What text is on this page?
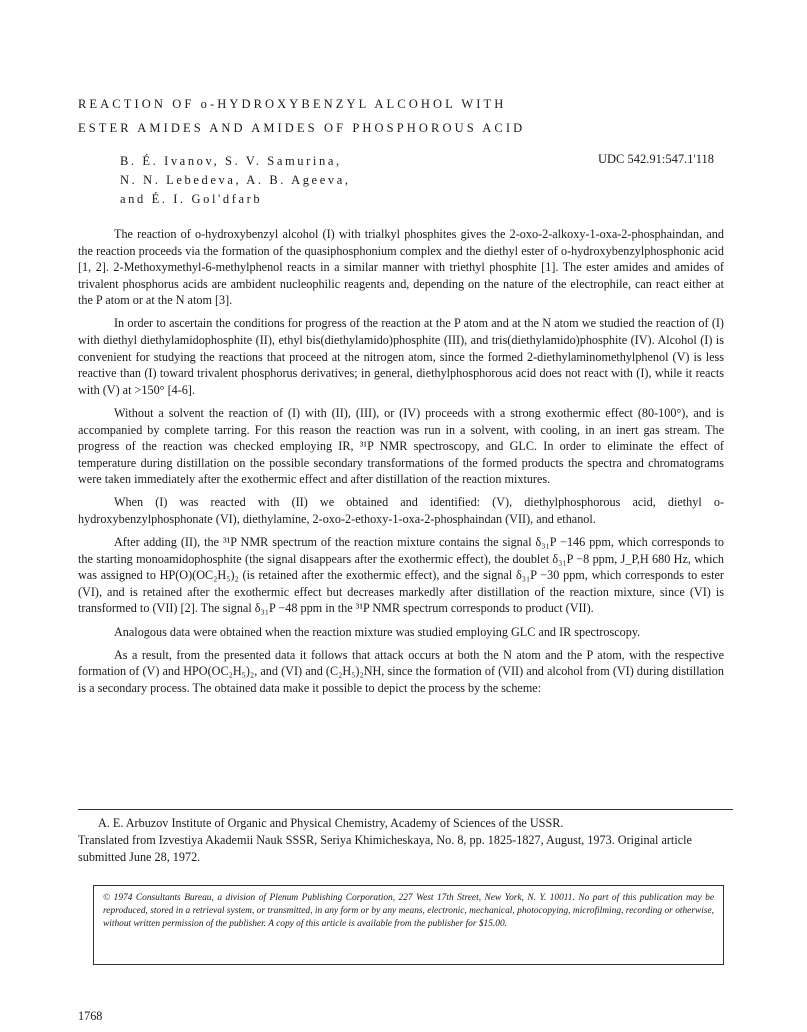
REACTION OF o-HYDROXYBENZYL ALCOHOL WITH
ESTER AMIDES AND AMIDES OF PHOSPHOROUS ACID
B. É. Ivanov, S. V. Samurina,
N. N. Lebedeva, A. B. Ageeva,
and É. I. Gol'dfarb
UDC 542.91:547.1'118

The reaction of o-hydroxybenzyl alcohol (I) with trialkyl phosphites gives the 2-oxo-2-alkoxy-1-oxa-2-phosphaindan, and the reaction proceeds via the formation of the quasiphosphonium complex and the diethyl ester of o-hydroxybenzylphosphonic acid [1, 2]. 2-Methoxymethyl-6-methylphenol reacts in a similar manner with triethyl phosphite [1]. The ester amides and amides of trivalent phosphorus acids are ambident nucleophilic reagents and, depending on the nature of the electrophile, can react either at the P atom or at the N atom [3].

In order to ascertain the conditions for progress of the reaction at the P atom and at the N atom we studied the reaction of (I) with diethyl diethylamidophosphite (II), ethyl bis(diethylamido)phosphite (III), and tris(diethylamido)phosphite (IV). Alcohol (I) is convenient for studying the reactions that proceed at the nitrogen atom, since the formed 2-diethylaminomethylphenol (V) is less reactive than (I) toward trivalent phosphorus derivatives; in general, diethylphosphorous acid does not react with (I), while it reacts with (V) at >150° [4-6].

Without a solvent the reaction of (I) with (II), (III), or (IV) proceeds with a strong exothermic effect (80-100°), and is accompanied by complete tarring. For this reason the reaction was run in a solvent, with cooling, in an inert gas stream. The progress of the reaction was checked employing IR, ³¹P NMR spectroscopy, and GLC. In order to eliminate the effect of temperature during distillation on the possible secondary transformations of the formed products the spectra and chromatograms were taken immediately after the exothermic effect and after distillation of the reaction mixtures.

When (I) was reacted with (II) we obtained and identified: (V), diethylphosphorous acid, diethyl o-hydroxybenzylphosphonate (VI), diethylamine, 2-oxo-2-ethoxy-1-oxa-2-phosphaindan (VII), and ethanol.

After adding (II), the ³¹P NMR spectrum of the reaction mixture contains the signal δ₃₁P −146 ppm, which corresponds to the starting monoamidophosphite (the signal disappears after the exothermic effect), the doublet δ₃₁P −8 ppm, J_P,H 680 Hz, which was assigned to HP(O)(OC₂H₅)₂ (is retained after the exothermic effect), and the signal δ₃₁P −30 ppm, which corresponds to ester (VI), and is retained after the exothermic effect but decreases markedly after distillation of the reaction mixture, since (VI) is transformed to (VII) [2]. The signal δ₃₁P −48 ppm in the ³¹P NMR spectrum corresponds to product (VII).

Analogous data were obtained when the reaction mixture was studied employing GLC and IR spectroscopy.

As a result, from the presented data it follows that attack occurs at both the N atom and the P atom, with the respective formation of (V) and HPO(OC₂H₅)₂, and (VI) and (C₂H₅)₂NH, since the formation of (VII) and alcohol from (VI) during distillation is a secondary process. The obtained data make it possible to depict the process by the scheme:

A. E. Arbuzov Institute of Organic and Physical Chemistry, Academy of Sciences of the USSR.

Translated from Izvestiya Akademii Nauk SSSR, Seriya Khimicheskaya, No. 8, pp. 1825-1827, August, 1973. Original article submitted June 28, 1972.

© 1974 Consultants Bureau, a division of Plenum Publishing Corporation, 227 West 17th Street, New York, N. Y. 10011. No part of this publication may be reproduced, stored in a retrieval system, or transmitted, in any form or by any means, electronic, mechanical, photocopying, microfilming, recording or otherwise, without written permission of the publisher. A copy of this article is available from the publisher for $15.00.
1768
